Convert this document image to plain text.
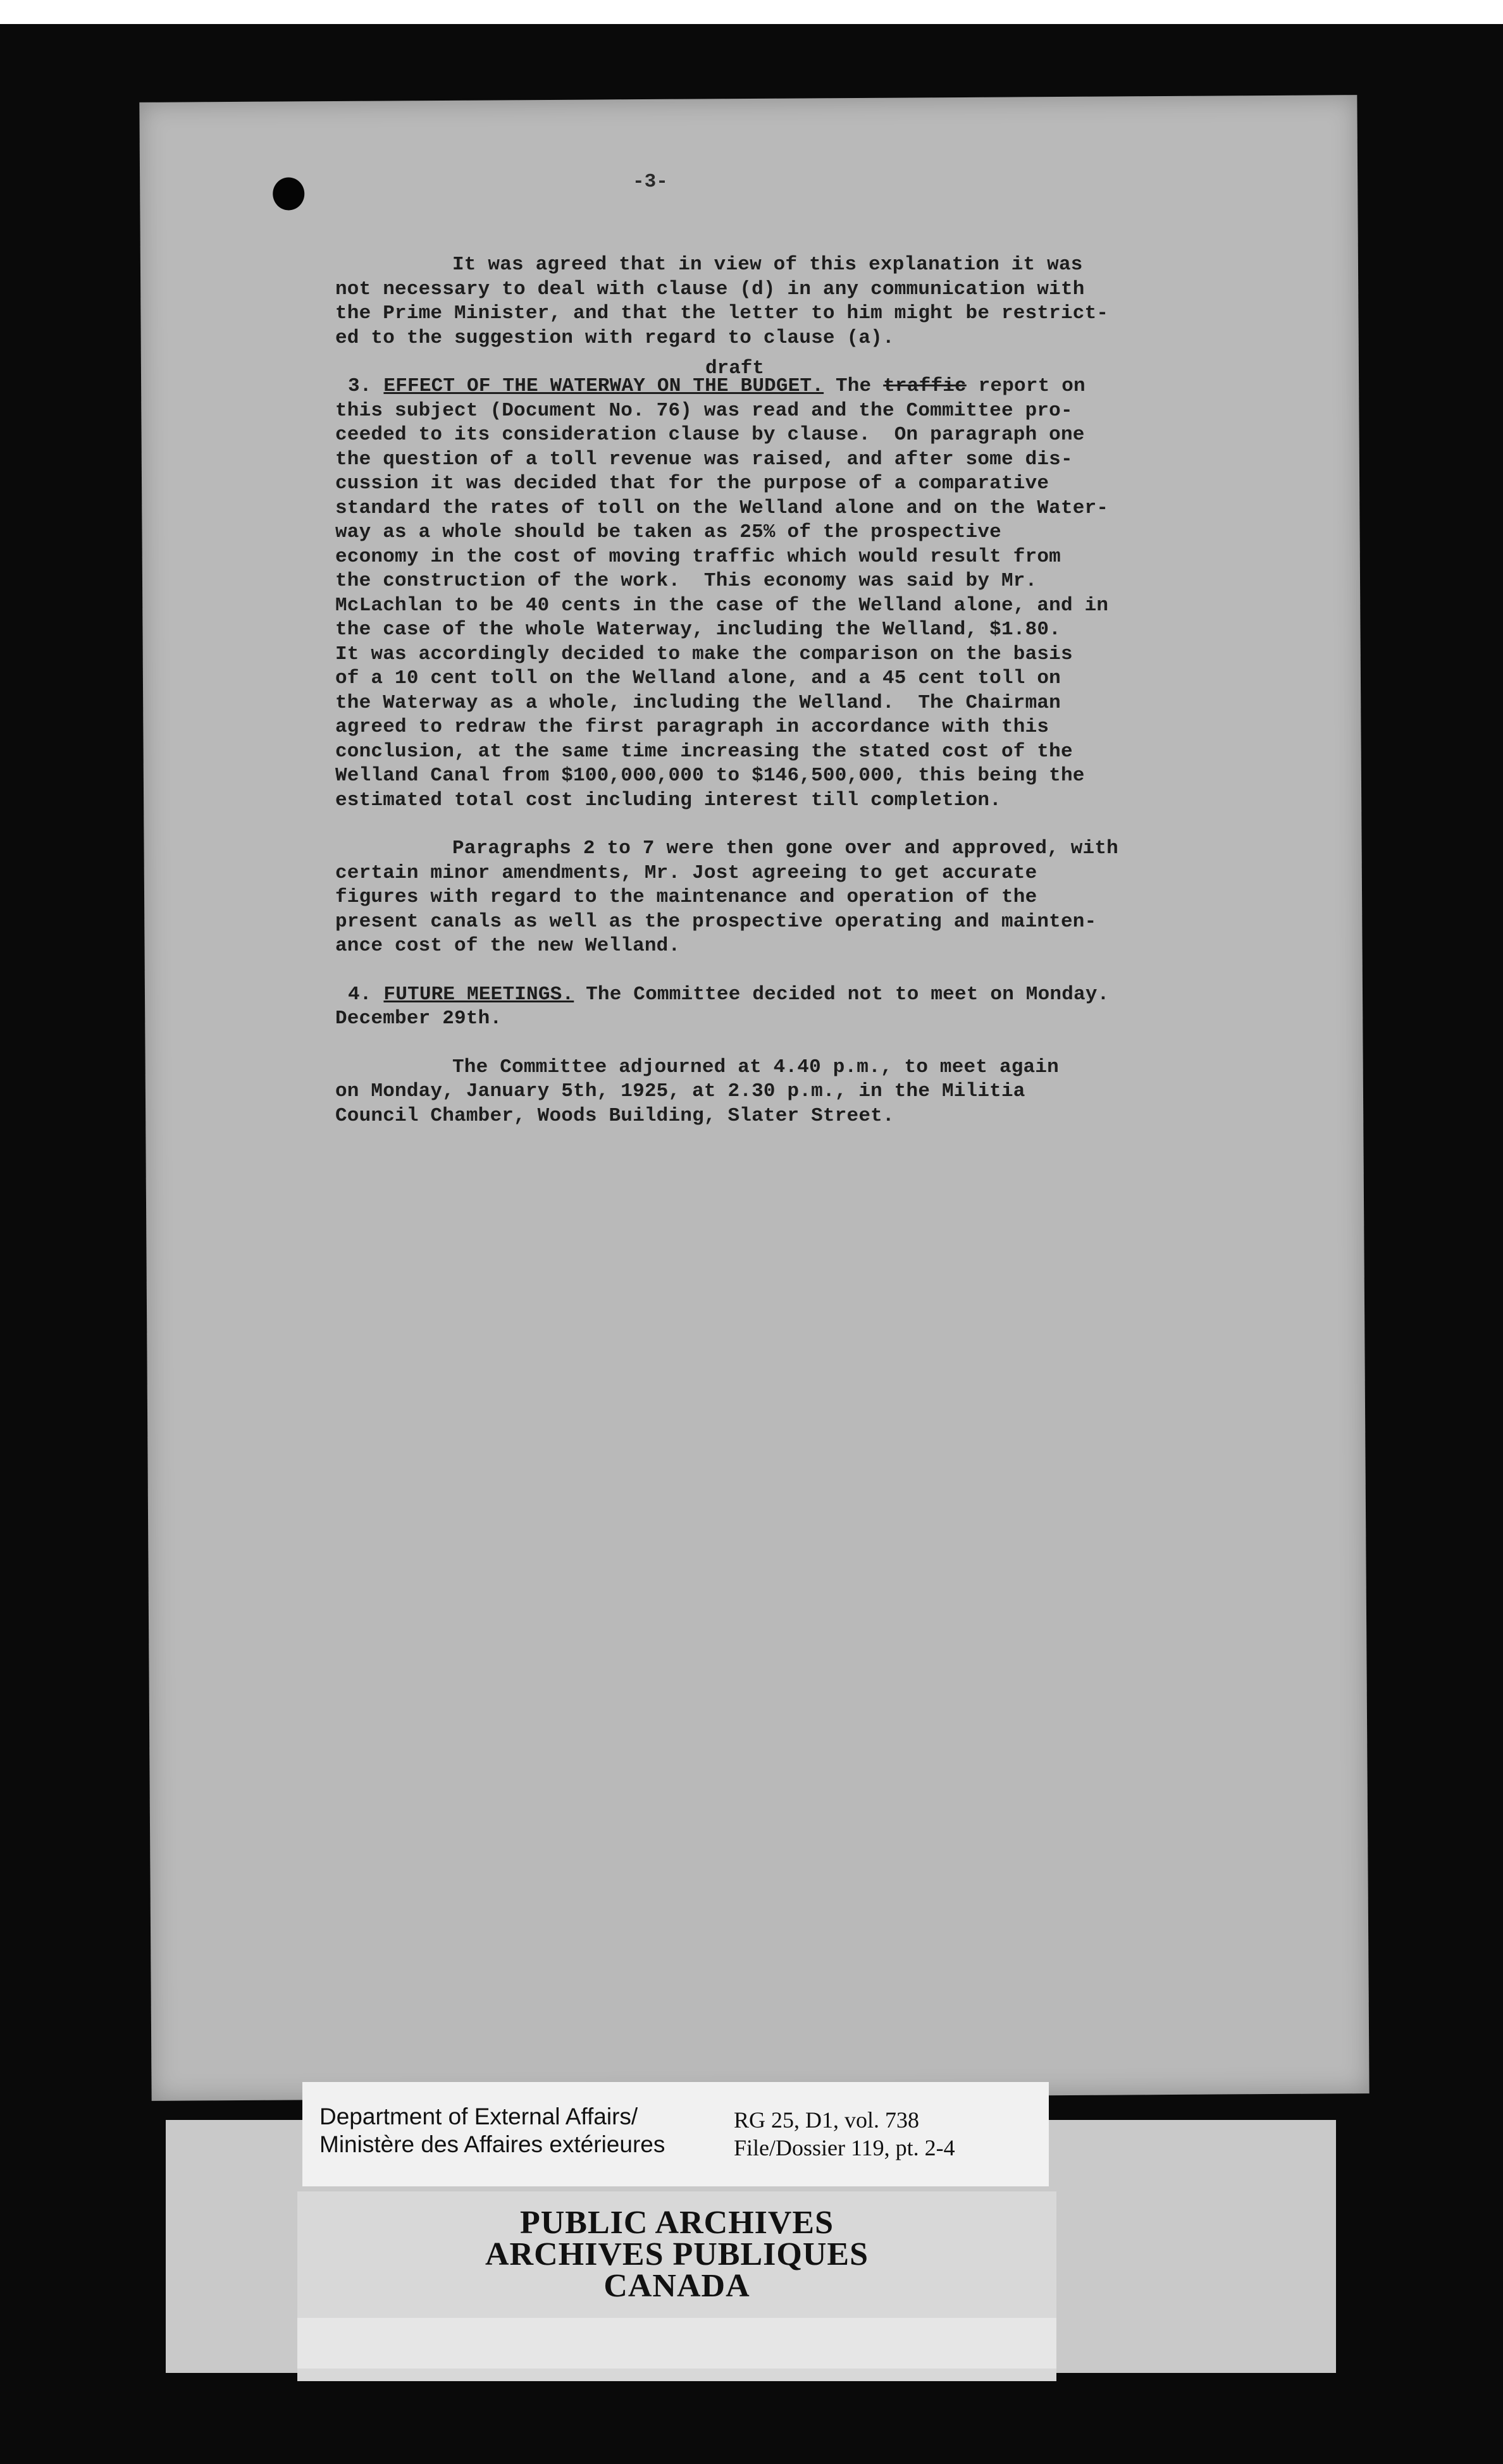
-3-
draft
It was agreed that in view of this explanation it was
not necessary to deal with clause (d) in any communication with
the Prime Minister, and that the letter to him might be restrict-
ed to the suggestion with regard to clause (a).
3. EFFECT OF THE WATERWAY ON THE BUDGET. The traffic report on
this subject (Document No. 76) was read and the Committee pro-
ceeded to its consideration clause by clause.  On paragraph one
the question of a toll revenue was raised, and after some dis-
cussion it was decided that for the purpose of a comparative
standard the rates of toll on the Welland alone and on the Water-
way as a whole should be taken as 25% of the prospective
economy in the cost of moving traffic which would result from
the construction of the work.  This economy was said by Mr.
McLachlan to be 40 cents in the case of the Welland alone, and in
the case of the whole Waterway, including the Welland, $1.80.
It was accordingly decided to make the comparison on the basis
of a 10 cent toll on the Welland alone, and a 45 cent toll on
the Waterway as a whole, including the Welland.  The Chairman
agreed to redraw the first paragraph in accordance with this
conclusion, at the same time increasing the stated cost of the
Welland Canal from $100,000,000 to $146,500,000, this being the
estimated total cost including interest till completion.
Paragraphs 2 to 7 were then gone over and approved, with
certain minor amendments, Mr. Jost agreeing to get accurate
figures with regard to the maintenance and operation of the
present canals as well as the prospective operating and mainten-
ance cost of the new Welland.
4. FUTURE MEETINGS. The Committee decided not to meet on Monday.
December 29th.
The Committee adjourned at 4.40 p.m., to meet again
on Monday, January 5th, 1925, at 2.30 p.m., in the Militia
Council Chamber, Woods Building, Slater Street.
Department of External Affairs/
Ministère des Affaires extérieures
RG 25, D1, vol. 738
File/Dossier 119, pt. 2-4
PUBLIC ARCHIVES
ARCHIVES PUBLIQUES
CANADA
